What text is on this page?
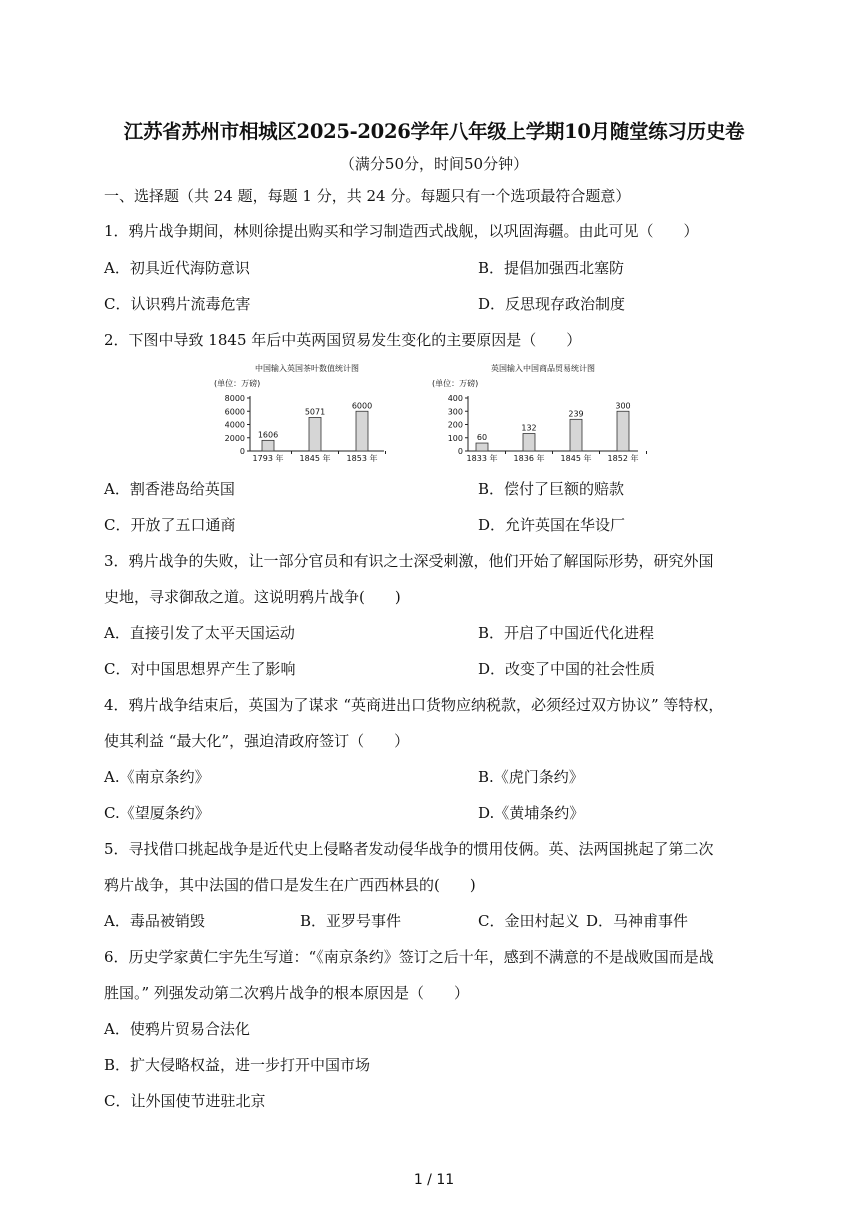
江苏省苏州市相城区2025-2026学年八年级上学期10月随堂练习历史卷
（满分50分，时间50分钟）
一、选择题（共 24 题，每题 1 分，共 24 分。每题只有一个选项最符合题意）
1．鸦片战争期间，林则徐提出购买和学习制造西式战舰，以巩固海疆。由此可见（　　）
A．初具近代海防意识	B．提倡加强西北塞防
C．认识鸦片流毒危害	D．反思现存政治制度
2．下图中导致 1845 年后中英两国贸易发生变化的主要原因是（　　）
中国输入英国茶叶数值统计图
(单位：万磅)
0
2000
4000
6000
8000
1606
1793 年
5071
1845 年
6000
1853 年
英国输入中国商品贸易统计图
(单位：万磅)
0
100
200
300
400
60
1833 年
132
1836 年
239
1845 年
300
1852 年
A．割香港岛给英国	B．偿付了巨额的赔款
C．开放了五口通商	D．允许英国在华设厂
3．鸦片战争的失败，让一部分官员和有识之士深受刺激，他们开始了解国际形势，研究外国
史地，寻求御敌之道。这说明鸦片战争(　　)
A．直接引发了太平天国运动	B．开启了中国近代化进程
C．对中国思想界产生了影响	D．改变了中国的社会性质
4．鸦片战争结束后，英国为了谋求 “英商进出口货物应纳税款，必须经过双方协议” 等特权，
使其利益 “最大化”，强迫清政府签订（　　）
A.《南京条约》	B.《虎门条约》
C.《望厦条约》	D.《黄埔条约》
5．寻找借口挑起战争是近代史上侵略者发动侵华战争的惯用伎俩。英、法两国挑起了第二次
鸦片战争，其中法国的借口是发生在广西西林县的(　　)
A．毒品被销毁	B．亚罗号事件	C．金田村起义 D．马神甫事件
6．历史学家黄仁宇先生写道：“《南京条约》签订之后十年，感到不满意的不是战败国而是战
胜国。” 列强发动第二次鸦片战争的根本原因是（　　）
A．使鸦片贸易合法化
B．扩大侵略权益，进一步打开中国市场
C．让外国使节进驻北京
1 / 11
